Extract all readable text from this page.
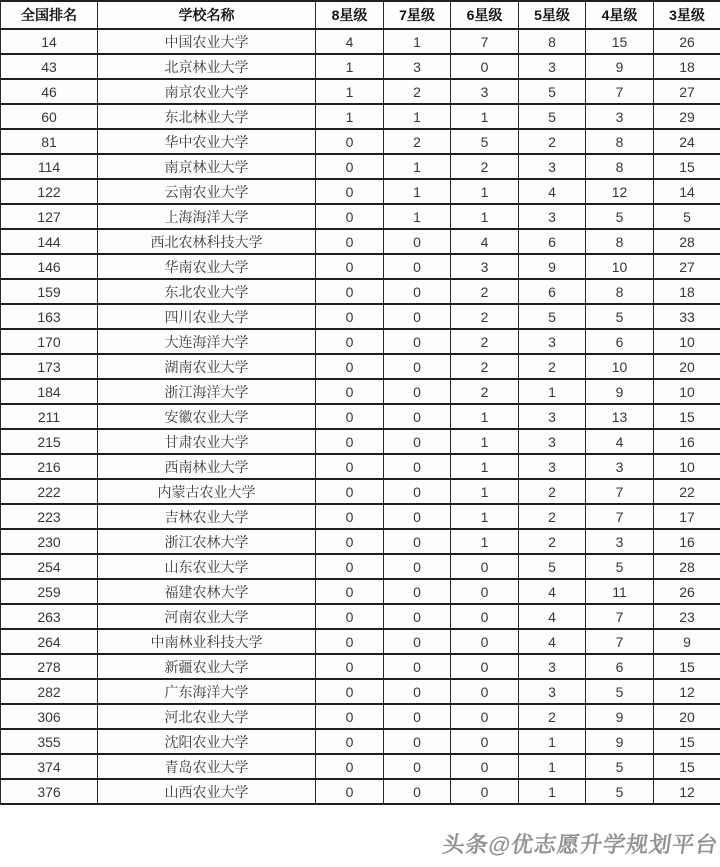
全国排名	学校名称	8星级	7星级	6星级	5星级	4星级	3星级
14	中国农业大学	4	1	7	8	15	26
43	北京林业大学	1	3	0	3	9	18
46	南京农业大学	1	2	3	5	7	27
60	东北林业大学	1	1	1	5	3	29
81	华中农业大学	0	2	5	2	8	24
114	南京林业大学	0	1	2	3	8	15
122	云南农业大学	0	1	1	4	12	14
127	上海海洋大学	0	1	1	3	5	5
144	西北农林科技大学	0	0	4	6	8	28
146	华南农业大学	0	0	3	9	10	27
159	东北农业大学	0	0	2	6	8	18
163	四川农业大学	0	0	2	5	5	33
170	大连海洋大学	0	0	2	3	6	10
173	湖南农业大学	0	0	2	2	10	20
184	浙江海洋大学	0	0	2	1	9	10
211	安徽农业大学	0	0	1	3	13	15
215	甘肃农业大学	0	0	1	3	4	16
216	西南林业大学	0	0	1	3	3	10
222	内蒙古农业大学	0	0	1	2	7	22
223	吉林农业大学	0	0	1	2	7	17
230	浙江农林大学	0	0	1	2	3	16
254	山东农业大学	0	0	0	5	5	28
259	福建农林大学	0	0	0	4	11	26
263	河南农业大学	0	0	0	4	7	23
264	中南林业科技大学	0	0	0	4	7	9
278	新疆农业大学	0	0	0	3	6	15
282	广东海洋大学	0	0	0	3	5	12
306	河北农业大学	0	0	0	2	9	20
355	沈阳农业大学	0	0	0	1	9	15
374	青岛农业大学	0	0	0	1	5	15
376	山西农业大学	0	0	0	1	5	12
头条@优志愿升学规划平台
